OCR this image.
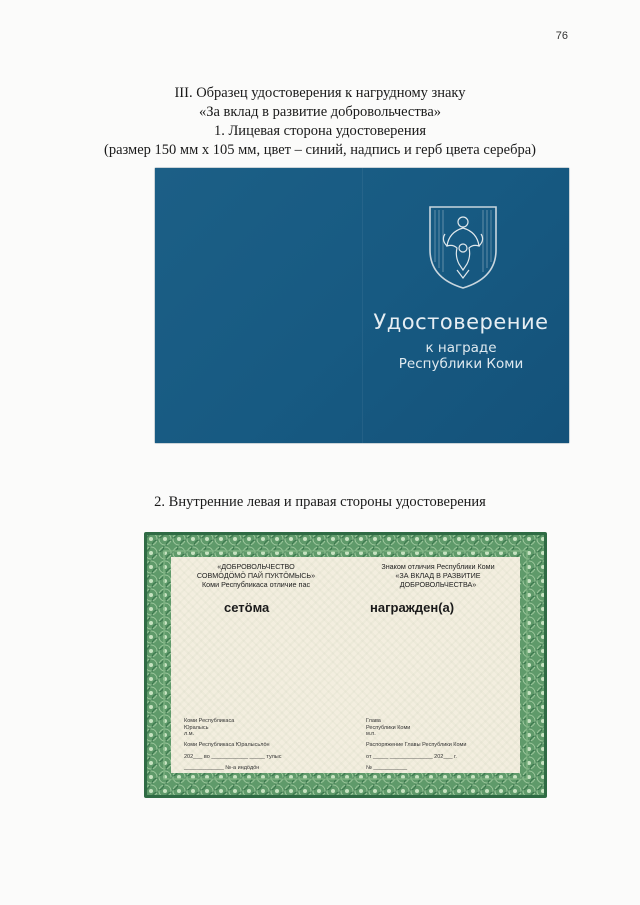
76
III. Образец удостоверения к нагрудному знаку
«За вклад в развитие добровольчества»
1. Лицевая сторона удостоверения
(размер 150 мм х 105 мм, цвет – синий, надпись и герб цвета серебра)
Удостоверение
к награде
Республики Коми
2. Внутренние левая и правая стороны удостоверения
«ДОБРОВОЛЬЧЕСТВО
СОВМÖДÖМÖ ПАЙ ПУКТÖМЫСЬ»
Коми Республикаса отличие пас
сетöма
Коми Республикаса
Юралысь
л.м.
Коми Республикаса Юралысьлöн
202___ во ____________ _____ тулыс
_____________ №-а индöдöн
Знаком отличия Республики Коми
«ЗА ВКЛАД В РАЗВИТИЕ
ДОБРОВОЛЬЧЕСТВА»
награжден(а)
Глава
Республики Коми
м.п.
Распоряжение Главы Республики Коми
от _____ ______________ 202___ г.
№ ___________
